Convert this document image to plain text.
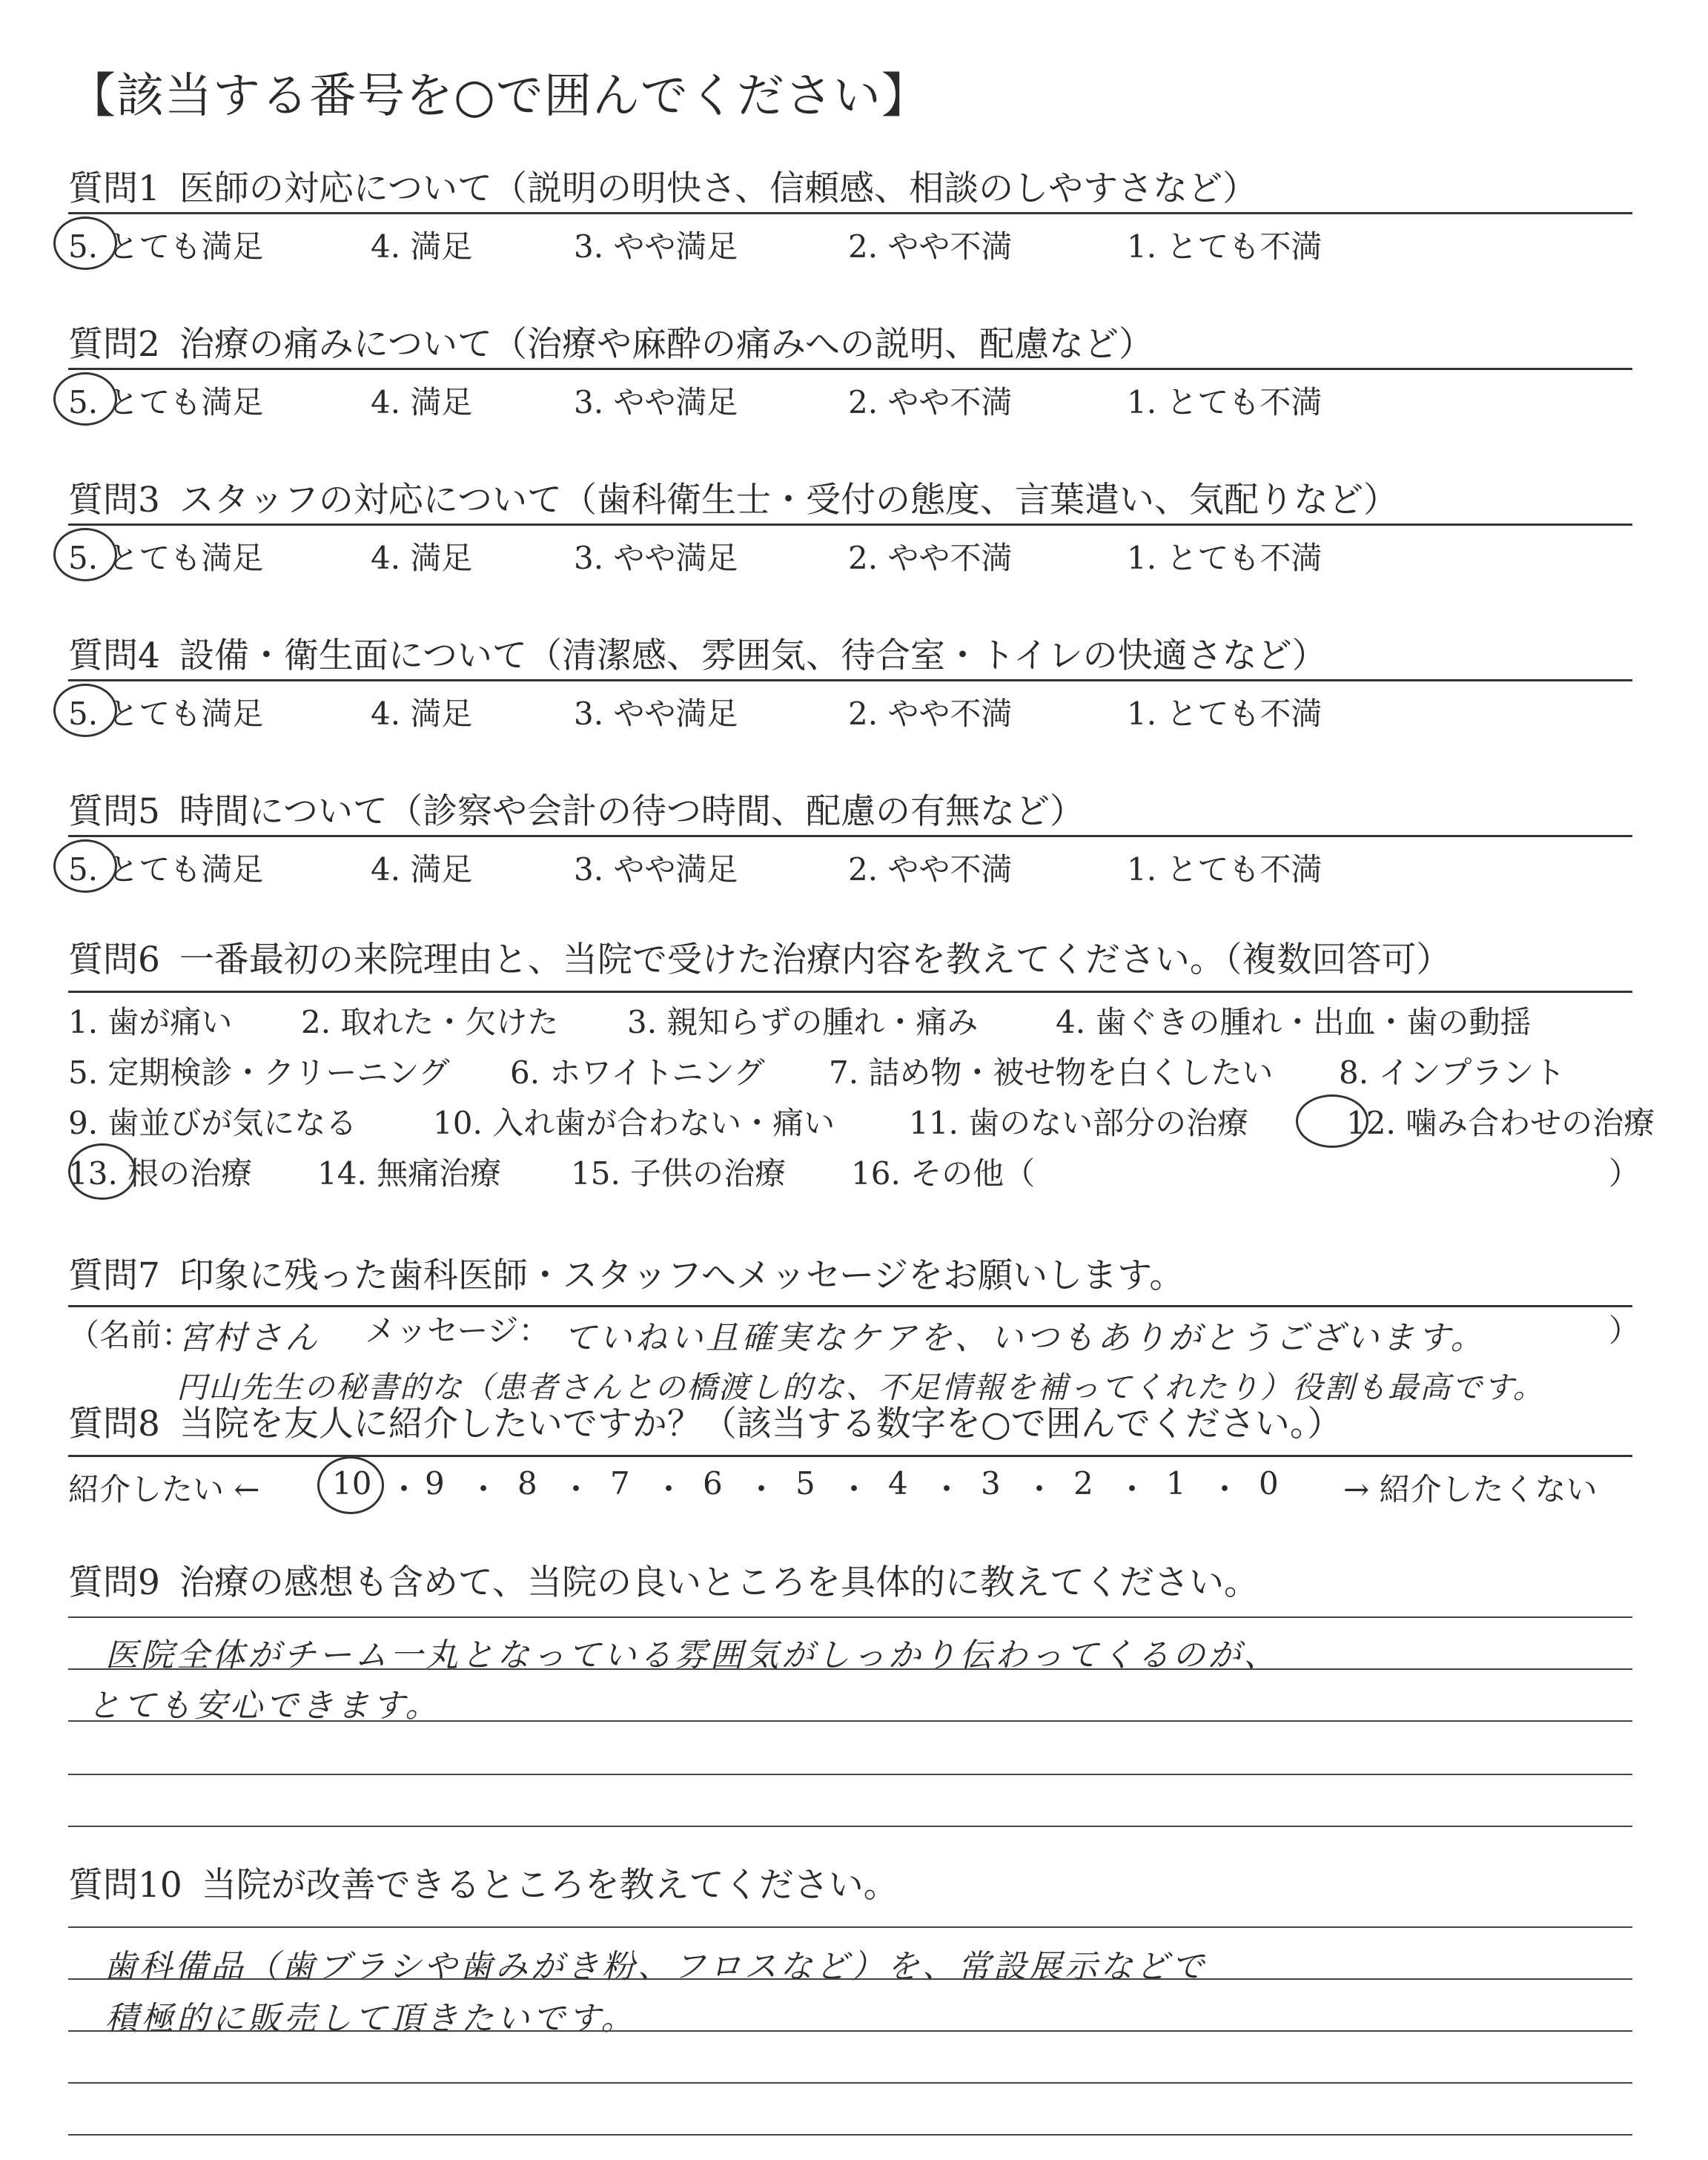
【該当する番号を○で囲んでください】
質問1 医師の対応について（説明の明快さ、信頼感、相談のしやすさなど）
5. とても満足	4. 満足	3. やや満足	2. やや不満	1. とても不満
質問2 治療の痛みについて（治療や麻酔の痛みへの説明、配慮など）
5. とても満足	4. 満足	3. やや満足	2. やや不満	1. とても不満
質問3 スタッフの対応について（歯科衛生士・受付の態度、言葉遣い、気配りなど）
5. とても満足	4. 満足	3. やや満足	2. やや不満	1. とても不満
質問4 設備・衛生面について（清潔感、雰囲気、待合室・トイレの快適さなど）
5. とても満足	4. 満足	3. やや満足	2. やや不満	1. とても不満
質問5 時間について（診察や会計の待つ時間、配慮の有無など）
5. とても満足	4. 満足	3. やや満足	2. やや不満	1. とても不満
質問6 一番最初の来院理由と、当院で受けた治療内容を教えてください。（複数回答可）
1. 歯が痛い 2. 取れた・欠けた 3. 親知らずの腫れ・痛み 4. 歯ぐきの腫れ・出血・歯の動揺
5. 定期検診・クリーニング 6. ホワイトニング 7. 詰め物・被せ物を白くしたい 8. インプラント
9. 歯並びが気になる 10. 入れ歯が合わない・痛い 11. 歯のない部分の治療	12. 噛み合わせの治療
13. 根の治療 14. 無痛治療 15. 子供の治療 16. その他（	）
質問7 印象に残った歯科医師・スタッフへメッセージをお願いします。
（名前：
宮村さん メッセージ： ていねい且確実なケアを、いつもありがとうございます。	）
円山先生の秘書的な（患者さんとの橋渡し的な、不足情報を補ってくれたり）役割も最高です。
質問8 当院を友人に紹介したいですか？（該当する数字を○で囲んでください。）
紹介したい ← 10 ・ 9 ・ 8 ・ 7 ・ 6 ・ 5 ・ 4 ・ 3 ・ 2 ・ 1 ・ 0 → 紹介したくない
質問9 治療の感想も含めて、当院の良いところを具体的に教えてください。
医院全体がチーム一丸となっている雰囲気がしっかり伝わってくるのが、
とても安心できます。
質問10 当院が改善できるところを教えてください。
歯科備品（歯ブラシや歯みがき粉、フロスなど）を、常設展示などで
積極的に販売して頂きたいです。
